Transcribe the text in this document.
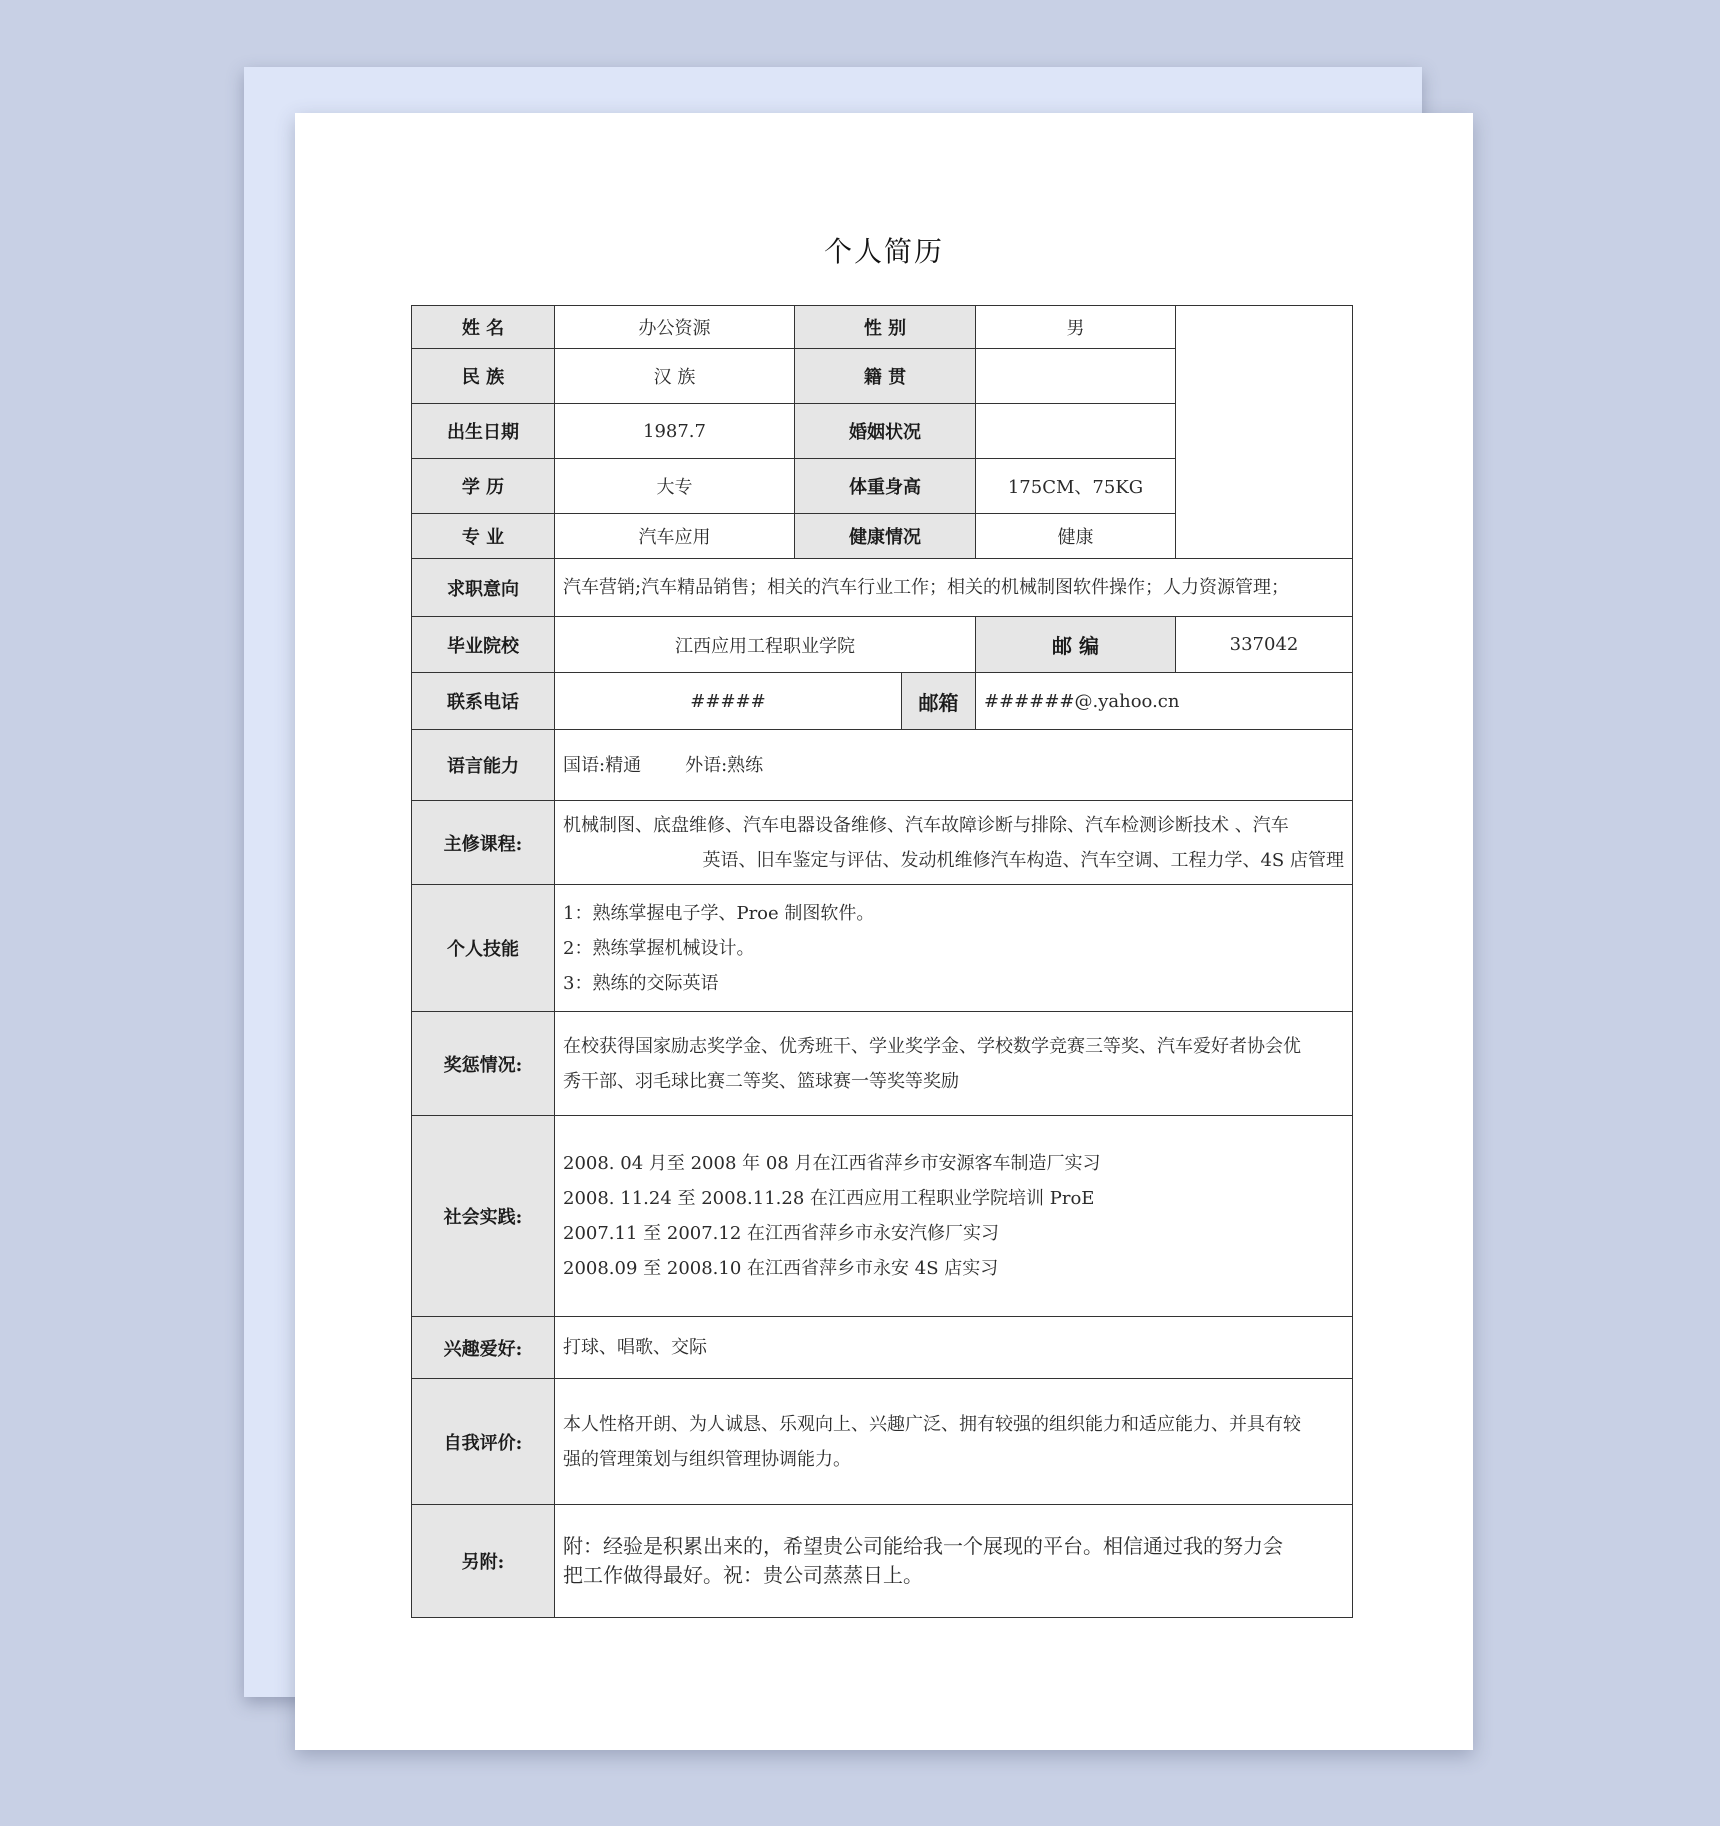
个人简历
姓 名	办公资源	性 别		男	
民 族	汉 族	籍 贯			
出生日期	1987.7	婚姻状况			
学 历	大专	体重身高		175CM、75KG	
专 业	汽车应用	健康情况		健康	
求职意向	汽车营销;汽车精品销售；相关的汽车行业工作；相关的机械制图软件操作；人力资源管理；				
毕业院校	江西应用工程职业学院			邮 编	337042
联系电话	#####		邮箱	######@.yahoo.cn	
语言能力	国语:精通 外语:熟练				
主修课程:	机械制图、底盘维修、汽车电器设备维修、汽车故障诊断与排除、汽车检测诊断技术 、汽车
英语、旧车鉴定与评估、发动机维修汽车构造、汽车空调、工程力学、4S 店管理				

个人技能	1：熟练掌握电子学、Proe 制图软件。
2：熟练掌握机械设计。
3：熟练的交际英语				

奖惩情况:	在校获得国家励志奖学金、优秀班干、学业奖学金、学校数学竞赛三等奖、汽车爱好者协会优
秀干部、羽毛球比赛二等奖、篮球赛一等奖等奖励				

社会实践:	2008. 04 月至 2008 年 08 月在江西省萍乡市安源客车制造厂实习
2008. 11.24 至 2008.11.28 在江西应用工程职业学院培训 ProE
2007.11 至 2007.12 在江西省萍乡市永安汽修厂实习
2008.09 至 2008.10 在江西省萍乡市永安 4S 店实习				

兴趣爱好:	打球、唱歌、交际				
自我评价:	本人性格开朗、为人诚恳、乐观向上、兴趣广泛、拥有较强的组织能力和适应能力、并具有较
强的管理策划与组织管理协调能力。				

另附:	附：经验是积累出来的，希望贵公司能给我一个展现的平台。相信通过我的努力会
把工作做得最好。祝：贵公司蒸蒸日上。				
